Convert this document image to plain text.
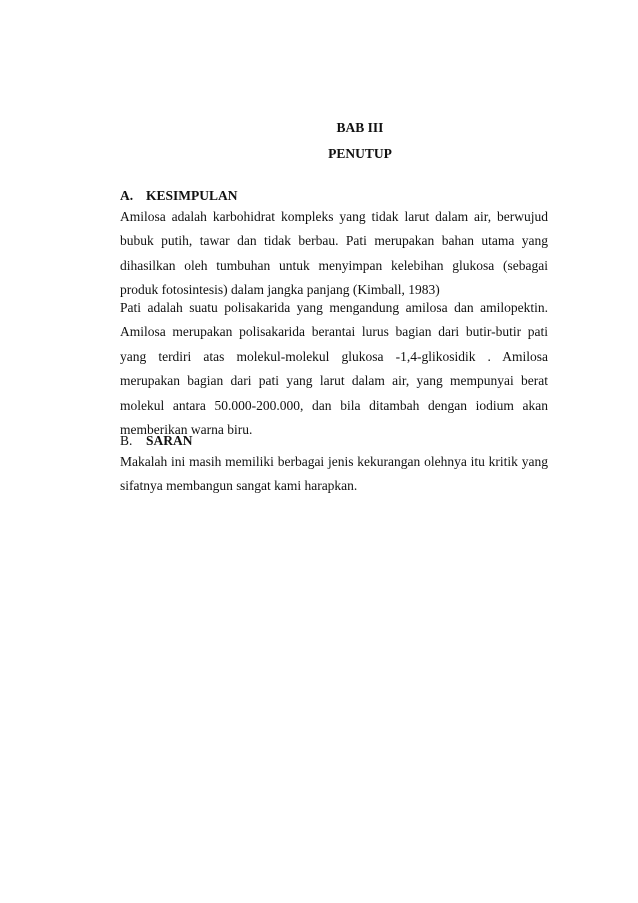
BAB III
PENUTUP
A. KESIMPULAN
Amilosa adalah karbohidrat kompleks yang tidak larut dalam air, berwujud bubuk putih, tawar dan tidak berbau. Pati merupakan bahan utama yang dihasilkan oleh tumbuhan untuk menyimpan kelebihan glukosa (sebagai produk fotosintesis) dalam jangka panjang (Kimball, 1983)
Pati adalah suatu polisakarida yang mengandung amilosa dan amilopektin. Amilosa merupakan polisakarida berantai lurus bagian dari butir-butir pati yang terdiri atas molekul-molekul glukosa -1,4-glikosidik . Amilosa merupakan bagian dari pati yang larut dalam air, yang mempunyai berat molekul antara 50.000-200.000, dan bila ditambah dengan iodium akan memberikan warna biru.
B. SARAN
Makalah ini masih memiliki berbagai jenis kekurangan olehnya itu kritik yang sifatnya membangun sangat kami harapkan.
